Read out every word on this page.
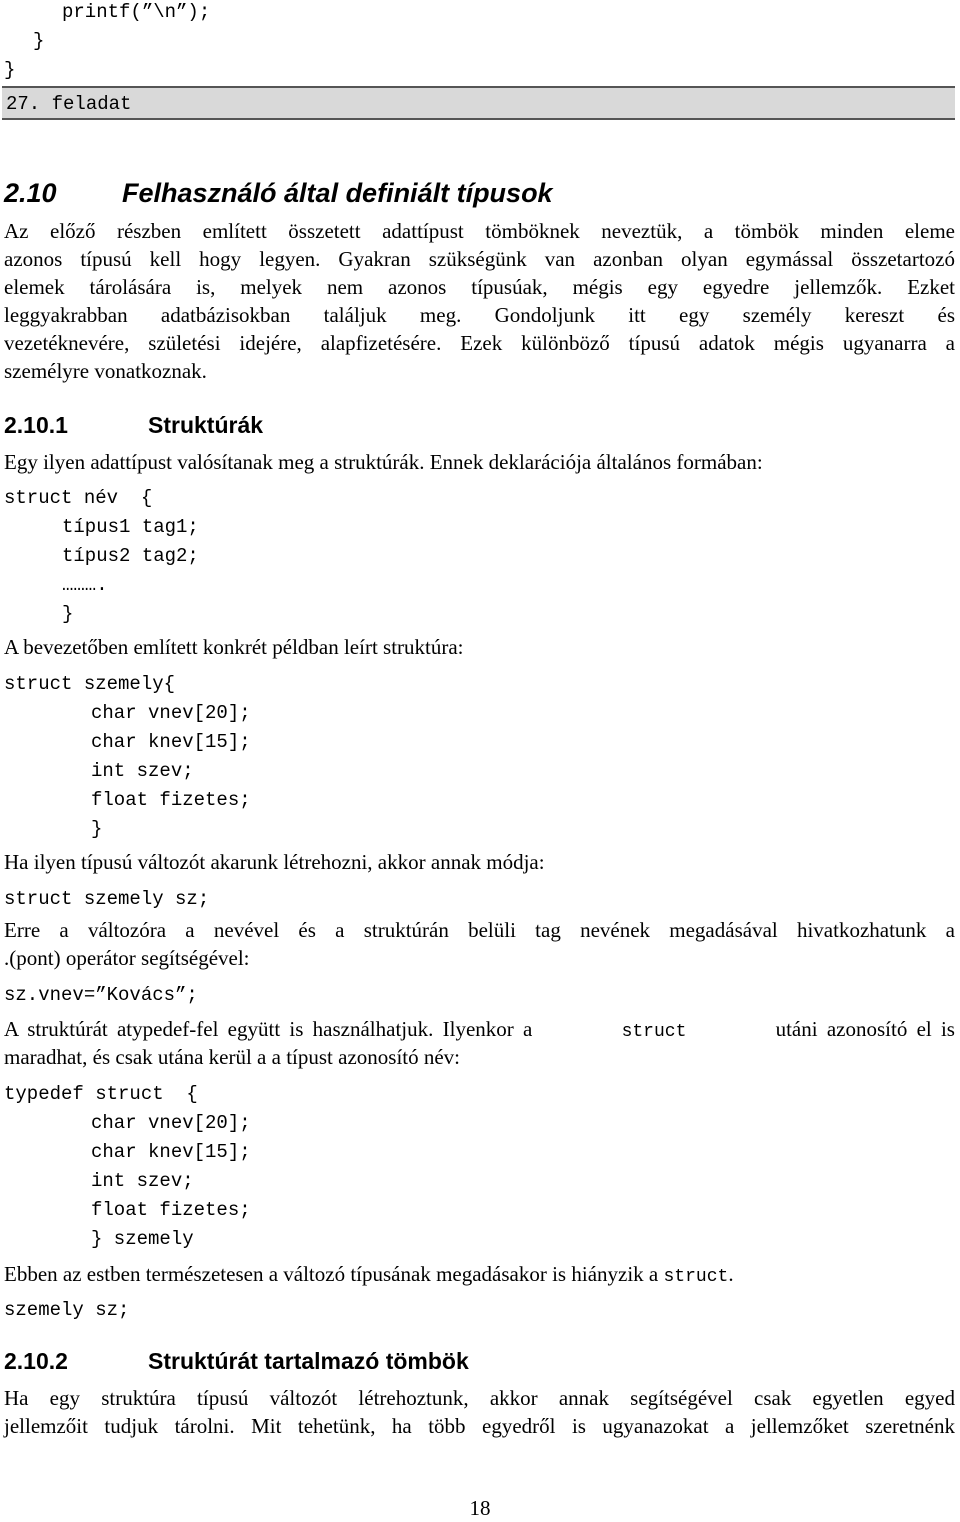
printf(”\n”);
}
}
27. feladat
2.10 Felhasználó által definiált típusok
Az előző részben említett összetett adattípust tömböknek neveztük, a tömbök minden eleme
azonos típusú kell hogy legyen. Gyakran szükségünk van azonban olyan egymással összetartozó
elemek tárolására is, melyek nem azonos típusúak, mégis egy egyedre jellemzők. Ezket
leggyakrabban adatbázisokban találjuk meg. Gondoljunk itt egy személy kereszt és
vezetéknevére, születési idejére, alapfizetésére. Ezek különböző típusú adatok mégis ugyanarra a
személyre vonatkoznak.
2.10.1	Struktúrák
Egy ilyen adattípust valósítanak meg a struktúrák. Ennek deklarációja általános formában:
struct név  {
típus1 tag1;
típus2 tag2;
……….
}
A bevezetőben említett konkrét példban leírt struktúra:
struct szemely{
char vnev[20];
char knev[15];
int szev;
float fizetes;
}
Ha ilyen típusú változót akarunk létrehozni, akkor annak módja:
struct szemely sz;
Erre a változóra a nevével és a struktúrán belüli tag nevének megadásával hivatkozhatunk a
.(pont) operátor segítségével:
sz.vnev=”Kovács”;
A struktúrát atypedef-fel együtt is használhatjuk. Ilyenkor a	struct	utáni azonosító el is
maradhat, és csak utána kerül a a típust azonosító név:
typedef struct  {
char vnev[20];
char knev[15];
int szev;
float fizetes;
} szemely
Ebben az estben természetesen a változó típusának megadásakor is hiányzik a struct.
szemely sz;
2.10.2	Struktúrát tartalmazó tömbök
Ha egy struktúra típusú változót létrehoztunk, akkor annak segítségével csak egyetlen egyed
jellemzőit tudjuk tárolni. Mit tehetünk, ha több egyedről is ugyanazokat a jellemzőket szeretnénk
18
